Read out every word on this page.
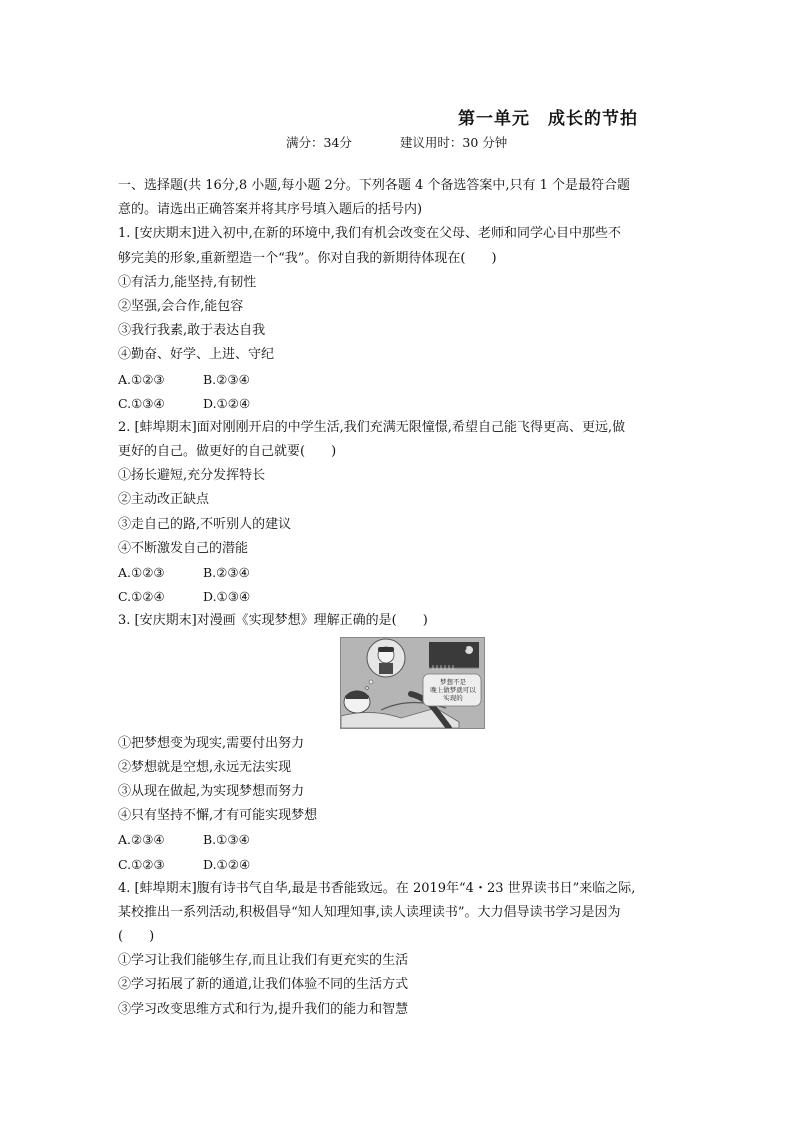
第一单元　成长的节拍
满分：34分	建议用时：30 分钟
一、选择题(共 16分,8 小题,每小题 2分。下列各题 4 个备选答案中,只有 1 个是最符合题
意的。请选出正确答案并将其序号填入题后的括号内)
1. [安庆期末]进入初中,在新的环境中,我们有机会改变在父母、老师和同学心目中那些不
够完美的形象,重新塑造一个“我”。你对自我的新期待体现在(　　)
①有活力,能坚持,有韧性
②坚强,会合作,能包容
③我行我素,敢于表达自我
④勤奋、好学、上进、守纪
A.①②③	B.②③④
C.①③④	D.①②④
2. [蚌埠期末]面对刚刚开启的中学生活,我们充满无限憧憬,希望自己能飞得更高、更远,做
更好的自己。做更好的自己就要(　　)
①扬长避短,充分发挥特长
②主动改正缺点
③走自己的路,不听别人的建议
④不断激发自己的潜能
A.①②③	B.②③④
C.①②④	D.①③④
3. [安庆期末]对漫画《实现梦想》理解正确的是(　　)
梦想不是
晚上做梦就可以
实现的
①把梦想变为现实,需要付出努力
②梦想就是空想,永远无法实现
③从现在做起,为实现梦想而努力
④只有坚持不懈,才有可能实现梦想
A.②③④	B.①③④
C.①②③	D.①②④
4. [蚌埠期末]腹有诗书气自华,最是书香能致远。在 2019年“4・23 世界读书日”来临之际,
某校推出一系列活动,积极倡导“知人知理知事,读人读理读书”。大力倡导读书学习是因为
(　　)
①学习让我们能够生存,而且让我们有更充实的生活
②学习拓展了新的通道,让我们体验不同的生活方式
③学习改变思维方式和行为,提升我们的能力和智慧
